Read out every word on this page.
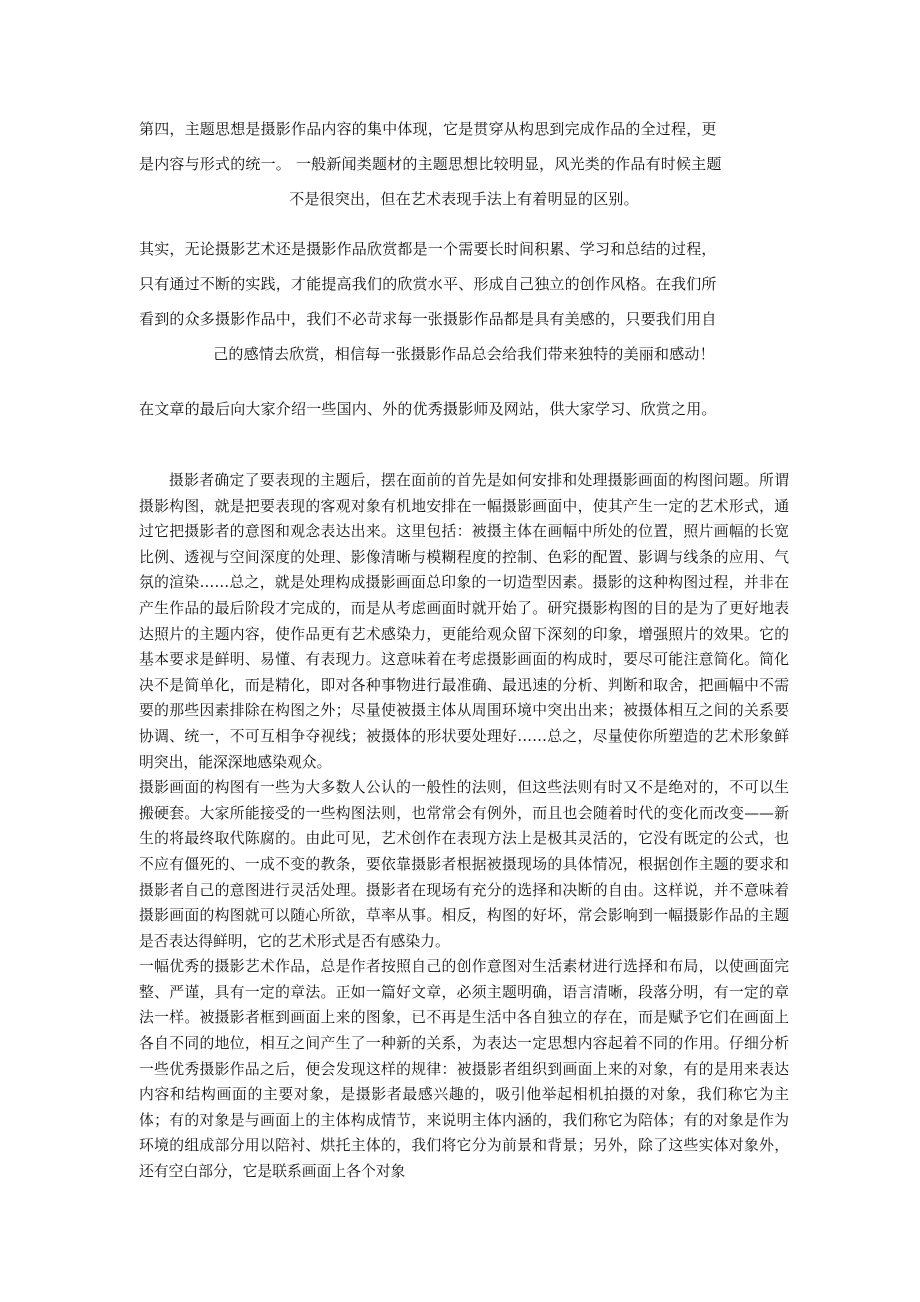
第四，主题思想是摄影作品内容的集中体现，它是贯穿从构思到完成作品的全过程，更
是内容与形式的统一。 一般新闻类题材的主题思想比较明显，风光类的作品有时候主题
不是很突出，但在艺术表现手法上有着明显的区别。
其实，无论摄影艺术还是摄影作品欣赏都是一个需要长时间积累、学习和总结的过程，
只有通过不断的实践，才能提高我们的欣赏水平、形成自己独立的创作风格。在我们所
看到的众多摄影作品中，我们不必苛求每一张摄影作品都是具有美感的，只要我们用自
己的感情去欣赏，相信每一张摄影作品总会给我们带来独特的美丽和感动！
在文章的最后向大家介绍一些国内、外的优秀摄影师及网站，供大家学习、欣赏之用。

摄影者确定了要表现的主题后，摆在面前的首先是如何安排和处理摄影画面的构图问题。所谓摄影构图，就是把要表现的客观对象有机地安排在一幅摄影画面中，使其产生一定的艺术形式，通过它把摄影者的意图和观念表达出来。这里包括：被摄主体在画幅中所处的位置，照片画幅的长宽比例、透视与空间深度的处理、影像清晰与模糊程度的控制、色彩的配置、影调与线条的应用、气氛的渲染……总之，就是处理构成摄影画面总印象的一切造型因素。摄影的这种构图过程，并非在产生作品的最后阶段才完成的，而是从考虑画面时就开始了。研究摄影构图的目的是为了更好地表达照片的主题内容，使作品更有艺术感染力，更能给观众留下深刻的印象，增强照片的效果。它的基本要求是鲜明、易懂、有表现力。这意味着在考虑摄影画面的构成时，要尽可能注意简化。简化决不是简单化，而是精化，即对各种事物进行最准确、最迅速的分析、判断和取舍，把画幅中不需要的那些因素排除在构图之外；尽量使被摄主体从周围环境中突出出来；被摄体相互之间的关系要协调、统一，不可互相争夺视线；被摄体的形状要处理好……总之，尽量使你所塑造的艺术形象鲜明突出，能深深地感染观众。

摄影画面的构图有一些为大多数人公认的一般性的法则，但这些法则有时又不是绝对的，不可以生搬硬套。大家所能接受的一些构图法则，也常常会有例外，而且也会随着时代的变化而改变——新生的将最终取代陈腐的。由此可见，艺术创作在表现方法上是极其灵活的，它没有既定的公式，也不应有僵死的、一成不变的教条，要依靠摄影者根据被摄现场的具体情况，根据创作主题的要求和摄影者自己的意图进行灵活处理。摄影者在现场有充分的选择和决断的自由。这样说，并不意味着摄影画面的构图就可以随心所欲，草率从事。相反，构图的好坏，常会影响到一幅摄影作品的主题是否表达得鲜明，它的艺术形式是否有感染力。

一幅优秀的摄影艺术作品，总是作者按照自己的创作意图对生活素材进行选择和布局，以使画面完整、严谨，具有一定的章法。正如一篇好文章，必须主题明确，语言清晰，段落分明，有一定的章法一样。被摄影者框到画面上来的图象，已不再是生活中各自独立的存在，而是赋予它们在画面上各自不同的地位，相互之间产生了一种新的关系，为表达一定思想内容起着不同的作用。仔细分析一些优秀摄影作品之后，便会发现这样的规律：被摄影者组织到画面上来的对象，有的是用来表达内容和结构画面的主要对象，是摄影者最感兴趣的，吸引他举起相机拍摄的对象，我们称它为主体；有的对象是与画面上的主体构成情节，来说明主体内涵的，我们称它为陪体；有的对象是作为环境的组成部分用以陪衬、烘托主体的，我们将它分为前景和背景；另外，除了这些实体对象外，还有空白部分，它是联系画面上各个对象
